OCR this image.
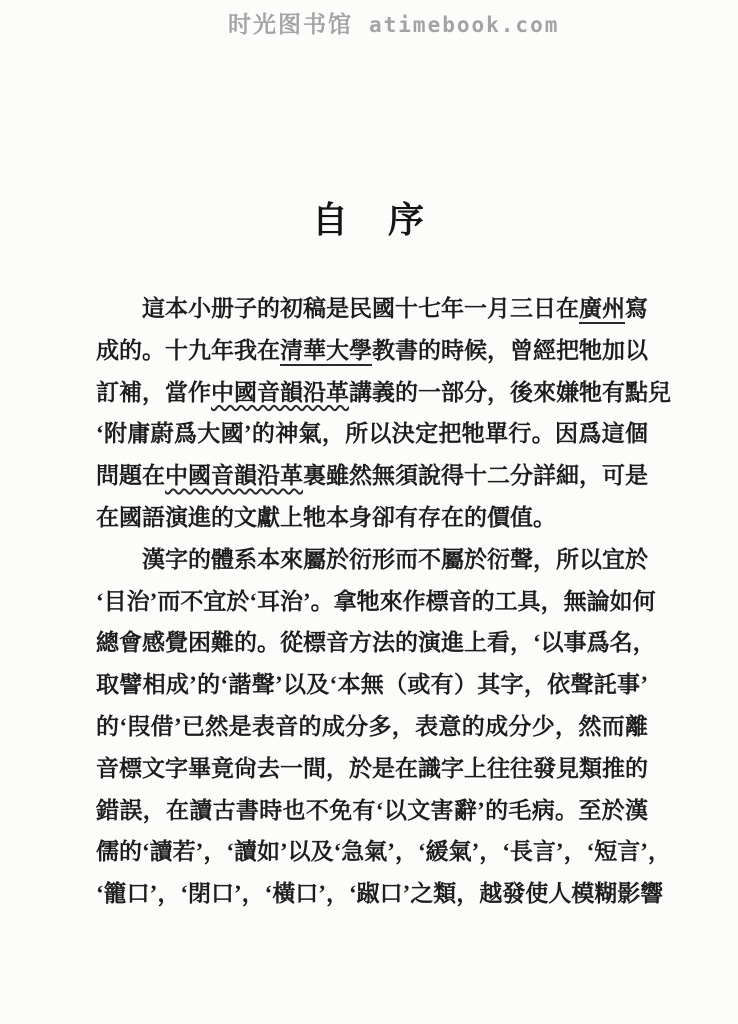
时光图书馆 atimebook.com
自　序
這本小册子的初稿是民國十七年一月三日在廣州寫
成的。十九年我在清華大學教書的時候，曾經把牠加以
訂補，當作中國音韻沿革講義的一部分，後來嫌牠有點兒
‘附庸蔚爲大國’的神氣，所以決定把牠單行。因爲這個
問題在中國音韻沿革裏雖然無須說得十二分詳細，可是
在國語演進的文獻上牠本身卻有存在的價值。
漢字的體系本來屬於衍形而不屬於衍聲，所以宜於
‘目治’而不宜於‘耳治’。拿牠來作標音的工具，無論如何
總會感覺困難的。從標音方法的演進上看，‘以事爲名，
取譬相成’的‘諧聲’以及‘本無（或有）其字，依聲託事’
的‘叚借’已然是表音的成分多，表意的成分少，然而離
音標文字畢竟尙去一間，於是在識字上往往發見類推的
錯誤，在讀古書時也不免有‘以文害辭’的毛病。至於漢
儒的‘讀若’，‘讀如’以及‘急氣’，‘緩氣’，‘長言’，‘短言’，
‘籠口’，‘閉口’，‘橫口’，‘踧口’之類，越發使人模糊影響
